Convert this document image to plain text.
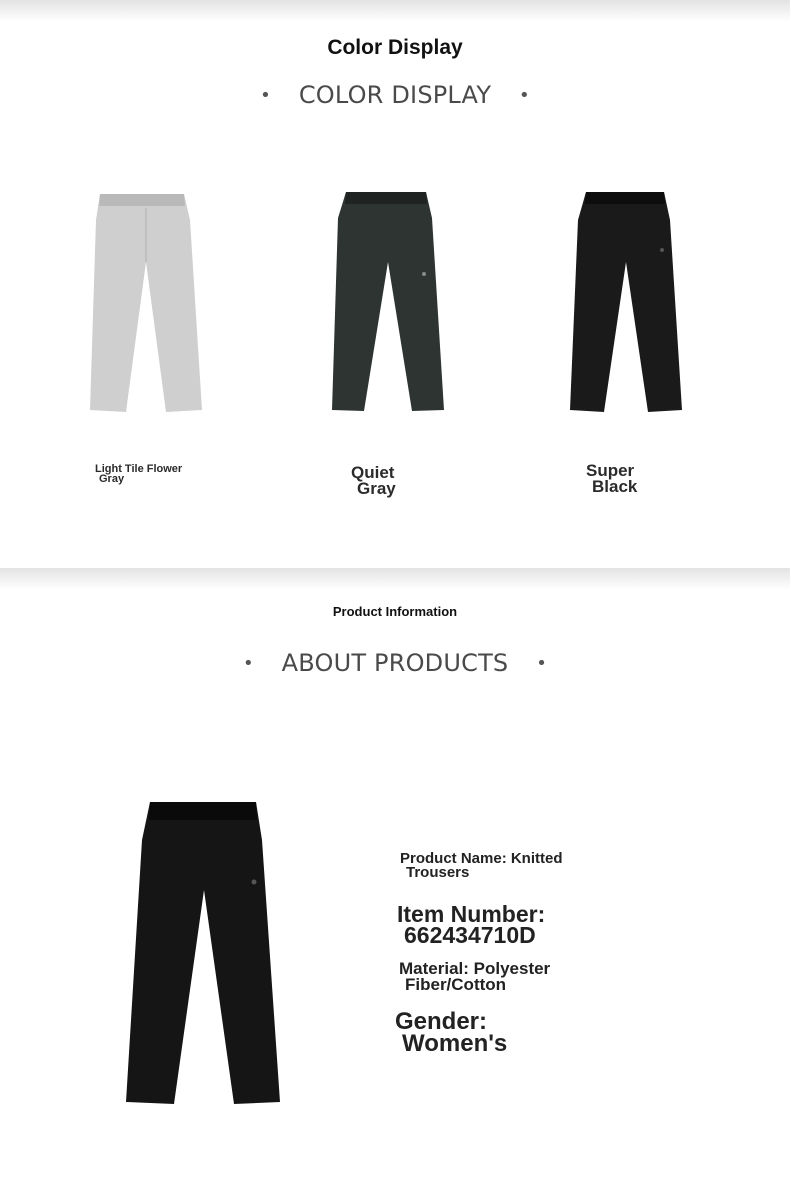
Color Display
• COLOR DISPLAY •
Light Tile Flower
Gray	Quiet
Gray
Super
Black
Product Information
• ABOUT PRODUCTS •
Product Name: Knitted
Trousers
Item Number:
662434710D
Material: Polyester
Fiber/Cotton
Gender:
Women's
